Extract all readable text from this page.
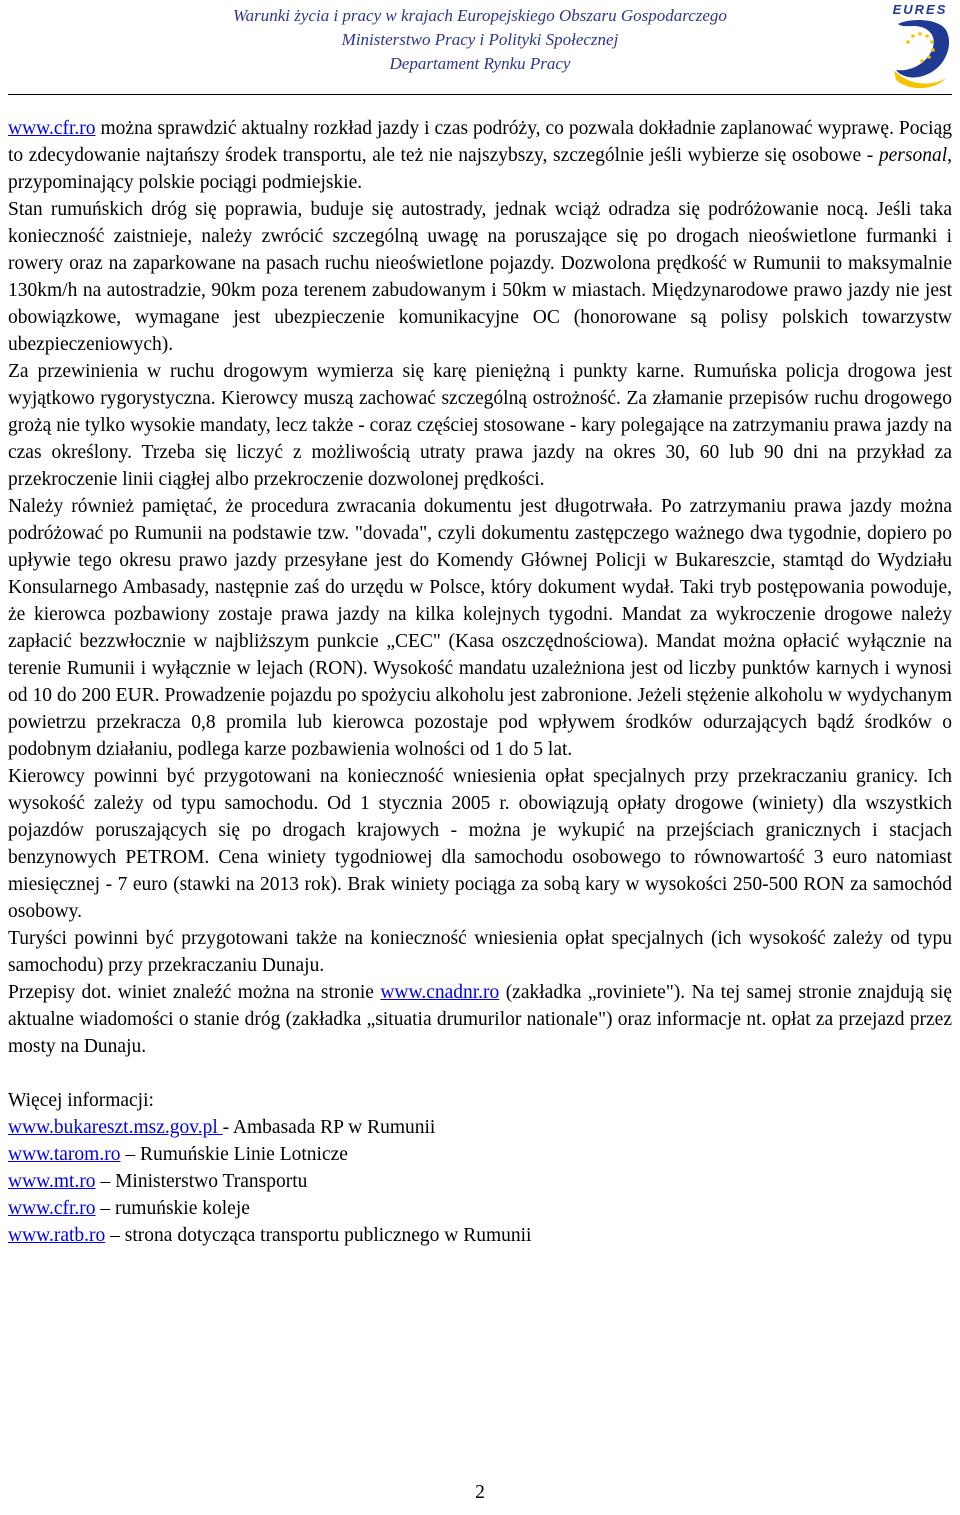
Warunki życia i pracy w krajach Europejskiego Obszaru Gospodarczego
Ministerstwo Pracy i Polityki Społecznej
Departament Rynku Pracy
EURES

www.cfr.ro można sprawdzić aktualny rozkład jazdy i czas podróży, co pozwala dokładnie zaplanować wyprawę. Pociąg to zdecydowanie najtańszy środek transportu, ale też nie najszybszy, szczególnie jeśli wybierze się osobowe - personal, przypominający polskie pociągi podmiejskie.

Stan rumuńskich dróg się poprawia, buduje się autostrady, jednak wciąż odradza się podróżowanie nocą. Jeśli taka konieczność zaistnieje, należy zwrócić szczególną uwagę na poruszające się po drogach nieoświetlone furmanki i rowery oraz na zaparkowane na pasach ruchu nieoświetlone pojazdy. Dozwolona prędkość w Rumunii to maksymalnie 130km/h na autostradzie, 90km poza terenem zabudowanym i 50km w miastach. Międzynarodowe prawo jazdy nie jest obowiązkowe, wymagane jest ubezpieczenie komunikacyjne OC (honorowane są polisy polskich towarzystw ubezpieczeniowych).

Za przewinienia w ruchu drogowym wymierza się karę pieniężną i punkty karne. Rumuńska policja drogowa jest wyjątkowo rygorystyczna. Kierowcy muszą zachować szczególną ostrożność. Za złamanie przepisów ruchu drogowego grożą nie tylko wysokie mandaty, lecz także - coraz częściej stosowane - kary polegające na zatrzymaniu prawa jazdy na czas określony. Trzeba się liczyć z możliwością utraty prawa jazdy na okres 30, 60 lub 90 dni na przykład za przekroczenie linii ciągłej albo przekroczenie dozwolonej prędkości.

Należy również pamiętać, że procedura zwracania dokumentu jest długotrwała. Po zatrzymaniu prawa jazdy można podróżować po Rumunii na podstawie tzw. "dovada", czyli dokumentu zastępczego ważnego dwa tygodnie, dopiero po upływie tego okresu prawo jazdy przesyłane jest do Komendy Głównej Policji w Bukareszcie, stamtąd do Wydziału Konsularnego Ambasady, następnie zaś do urzędu w Polsce, który dokument wydał. Taki tryb postępowania powoduje, że kierowca pozbawiony zostaje prawa jazdy na kilka kolejnych tygodni. Mandat za wykroczenie drogowe należy zapłacić bezzwłocznie w najbliższym punkcie „CEC" (Kasa oszczędnościowa). Mandat można opłacić wyłącznie na terenie Rumunii i wyłącznie w lejach (RON). Wysokość mandatu uzależniona jest od liczby punktów karnych i wynosi od 10 do 200 EUR. Prowadzenie pojazdu po spożyciu alkoholu jest zabronione. Jeżeli stężenie alkoholu w wydychanym powietrzu przekracza 0,8 promila lub kierowca pozostaje pod wpływem środków odurzających bądź środków o podobnym działaniu, podlega karze pozbawienia wolności od 1 do 5 lat.

Kierowcy powinni być przygotowani na konieczność wniesienia opłat specjalnych przy przekraczaniu granicy. Ich wysokość zależy od typu samochodu. Od 1 stycznia 2005 r. obowiązują opłaty drogowe (winiety) dla wszystkich pojazdów poruszających się po drogach krajowych - można je wykupić na przejściach granicznych i stacjach benzynowych PETROM. Cena winiety tygodniowej dla samochodu osobowego to równowartość 3 euro natomiast miesięcznej - 7 euro (stawki na 2013 rok). Brak winiety pociąga za sobą kary w wysokości 250-500 RON za samochód osobowy.

Turyści powinni być przygotowani także na konieczność wniesienia opłat specjalnych (ich wysokość zależy od typu samochodu) przy przekraczaniu Dunaju.

Przepisy dot. winiet znaleźć można na stronie www.cnadnr.ro (zakładka „roviniete"). Na tej samej stronie znajdują się aktualne wiadomości o stanie dróg (zakładka „situatia drumurilor nationale") oraz informacje nt. opłat za przejazd przez mosty na Dunaju.

Więcej informacji:
www.bukareszt.msz.gov.pl - Ambasada RP w Rumunii
www.tarom.ro – Rumuńskie Linie Lotnicze
www.mt.ro – Ministerstwo Transportu
www.cfr.ro – rumuńskie koleje
www.ratb.ro – strona dotycząca transportu publicznego w Rumunii
2
